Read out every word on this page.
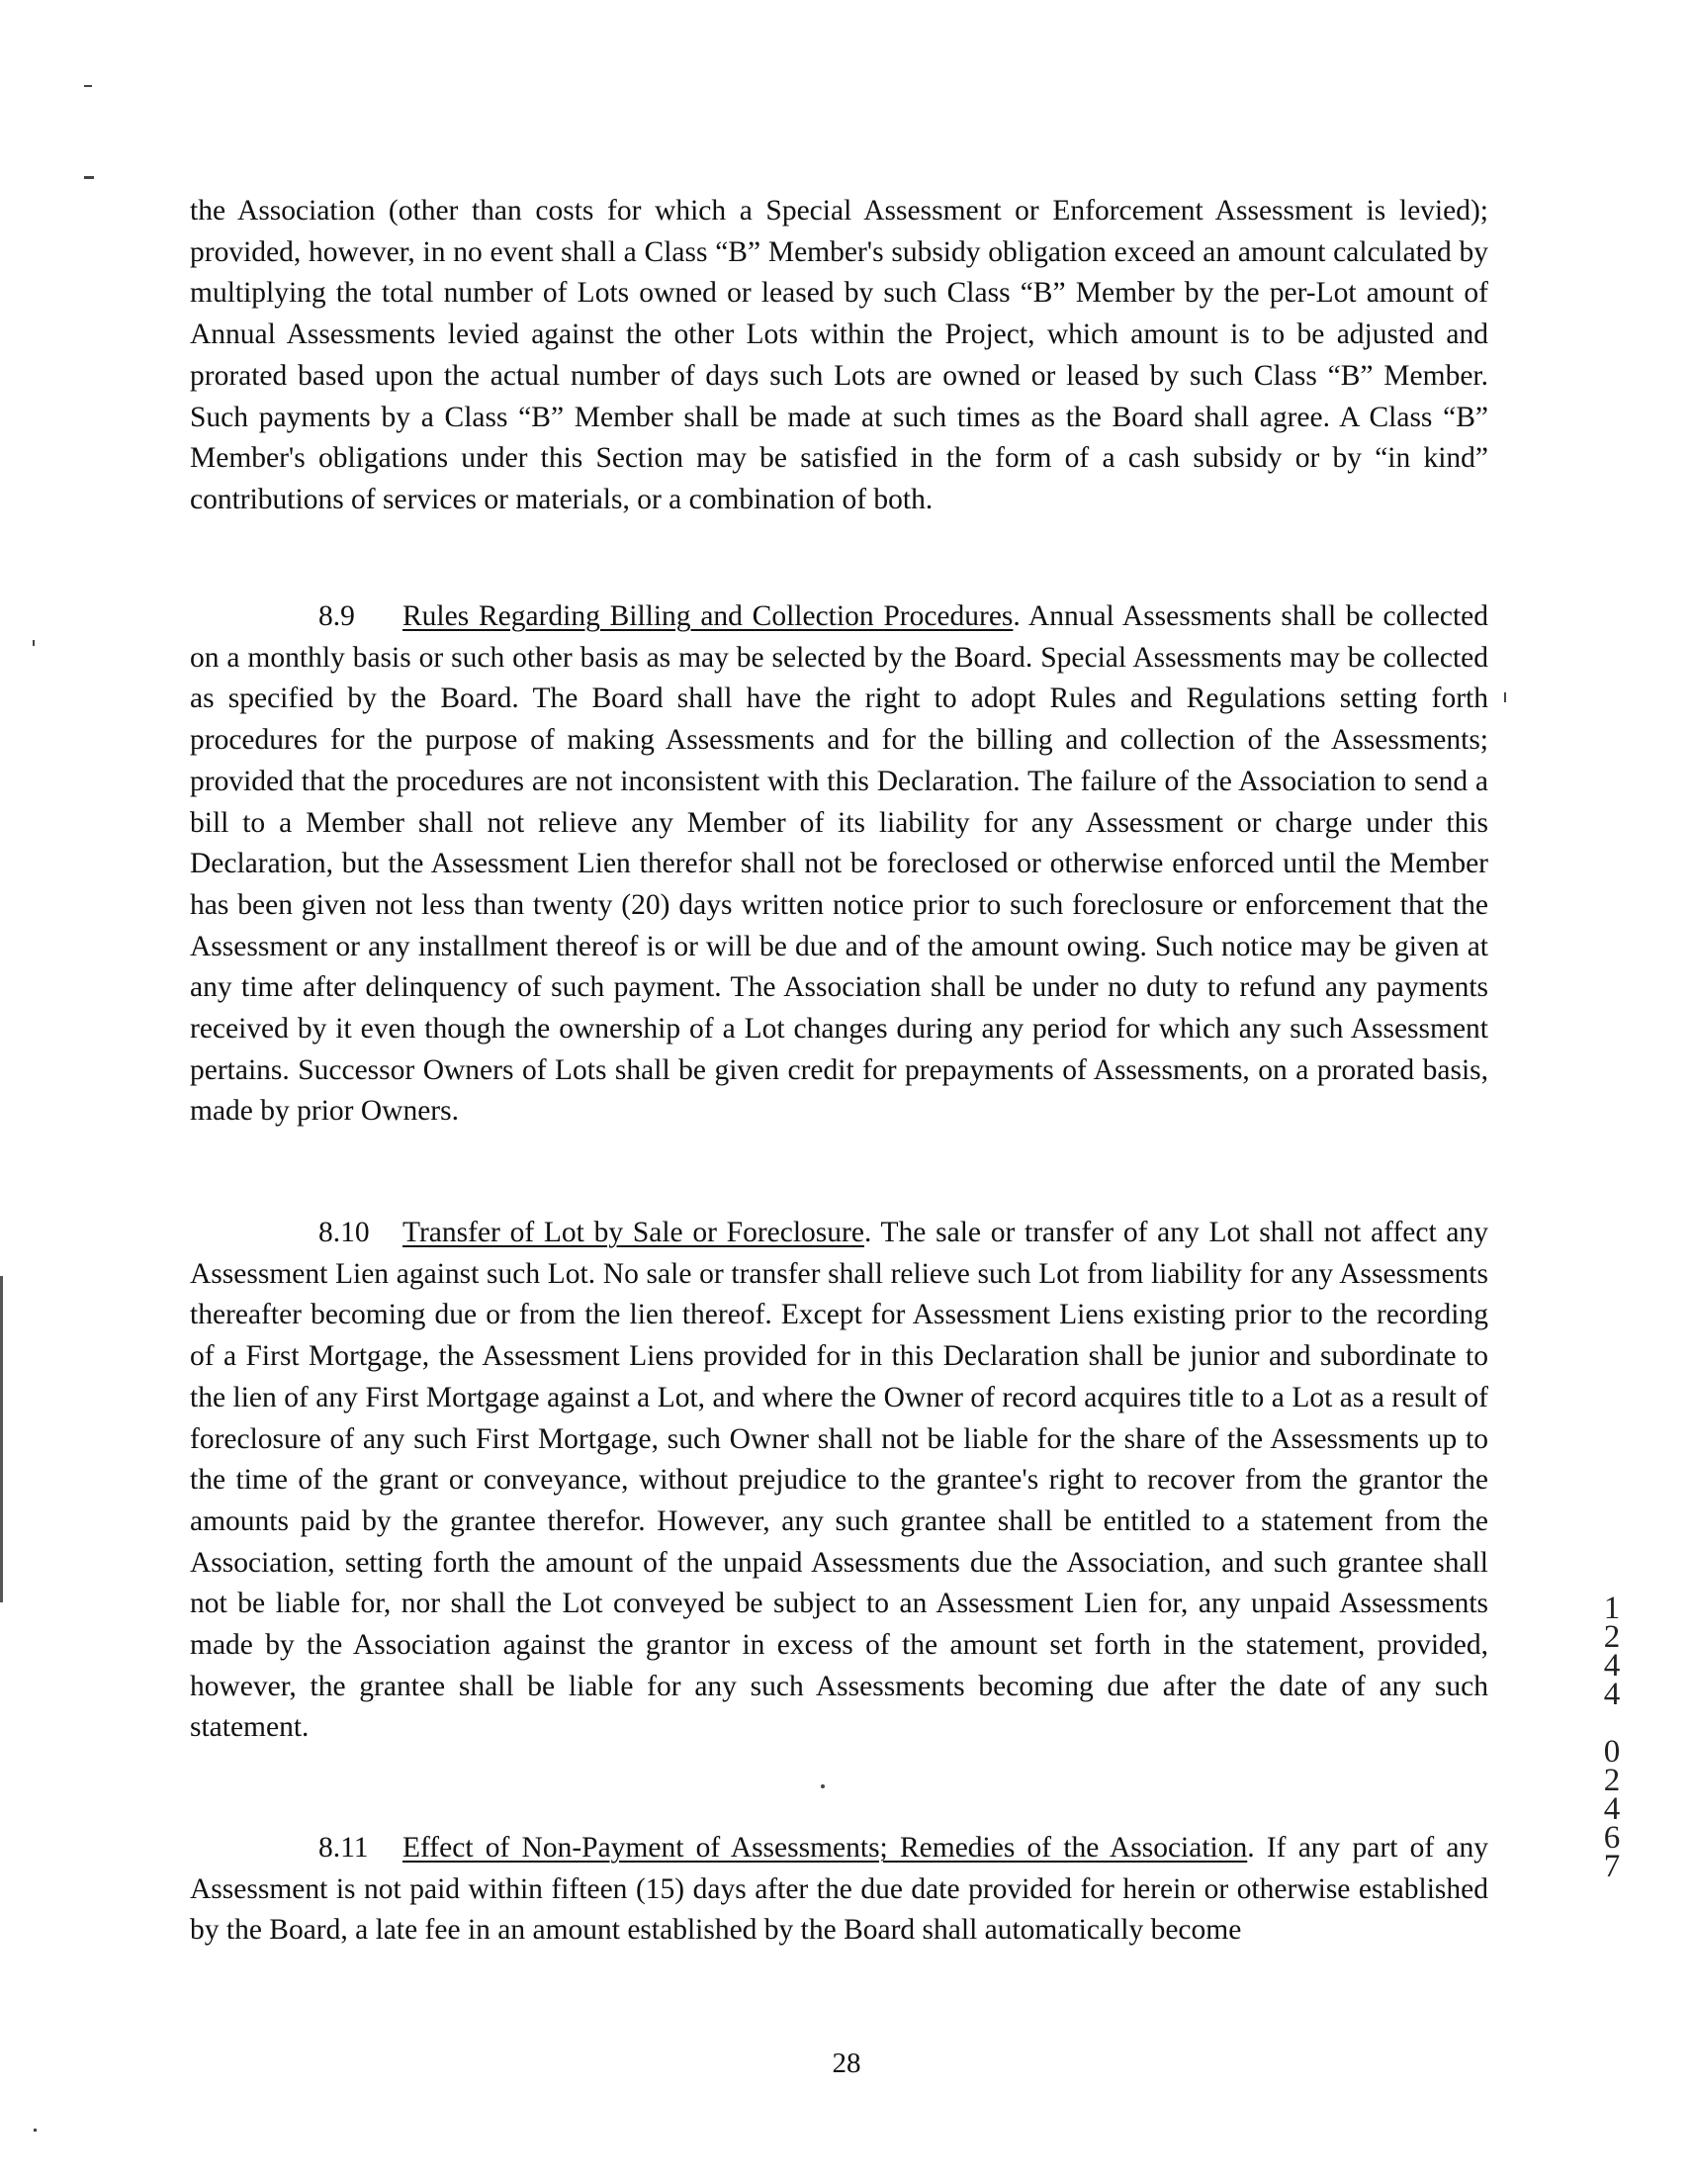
the Association (other than costs for which a Special Assessment or Enforcement Assessment is levied); provided, however, in no event shall a Class “B” Member's subsidy obligation exceed an amount calculated by multiplying the total number of Lots owned or leased by such Class “B” Member by the per-Lot amount of Annual Assessments levied against the other Lots within the Project, which amount is to be adjusted and prorated based upon the actual number of days such Lots are owned or leased by such Class “B” Member. Such payments by a Class “B” Member shall be made at such times as the Board shall agree. A Class “B” Member's obligations under this Section may be satisfied in the form of a cash subsidy or by “in kind” contributions of services or materials, or a combination of both.

8.9 Rules Regarding Billing and Collection Procedures. Annual Assessments shall be collected on a monthly basis or such other basis as may be selected by the Board. Special Assessments may be collected as specified by the Board. The Board shall have the right to adopt Rules and Regulations setting forth procedures for the purpose of making Assessments and for the billing and collection of the Assessments; provided that the procedures are not inconsistent with this Declaration. The failure of the Association to send a bill to a Member shall not relieve any Member of its liability for any Assessment or charge under this Declaration, but the Assessment Lien therefor shall not be foreclosed or otherwise enforced until the Member has been given not less than twenty (20) days written notice prior to such foreclosure or enforcement that the Assessment or any installment thereof is or will be due and of the amount owing. Such notice may be given at any time after delinquency of such payment. The Association shall be under no duty to refund any payments received by it even though the ownership of a Lot changes during any period for which any such Assessment pertains. Successor Owners of Lots shall be given credit for prepayments of Assessments, on a prorated basis, made by prior Owners.

8.10 Transfer of Lot by Sale or Foreclosure. The sale or transfer of any Lot shall not affect any Assessment Lien against such Lot. No sale or transfer shall relieve such Lot from liability for any Assessments thereafter becoming due or from the lien thereof. Except for Assessment Liens existing prior to the recording of a First Mortgage, the Assessment Liens provided for in this Declaration shall be junior and subordinate to the lien of any First Mortgage against a Lot, and where the Owner of record acquires title to a Lot as a result of foreclosure of any such First Mortgage, such Owner shall not be liable for the share of the Assessments up to the time of the grant or conveyance, without prejudice to the grantee's right to recover from the grantor the amounts paid by the grantee therefor. However, any such grantee shall be entitled to a statement from the Association, setting forth the amount of the unpaid Assessments due the Association, and such grantee shall not be liable for, nor shall the Lot conveyed be subject to an Assessment Lien for, any unpaid Assessments made by the Association against the grantor in excess of the amount set forth in the statement, provided, however, the grantee shall be liable for any such Assessments becoming due after the date of any such statement.

8.11 Effect of Non-Payment of Assessments; Remedies of the Association. If any part of any Assessment is not paid within fifteen (15) days after the due date provided for herein or otherwise established by the Board, a late fee in an amount established by the Board shall automatically become

28
1
2
4
4
0
2
4
6
7
